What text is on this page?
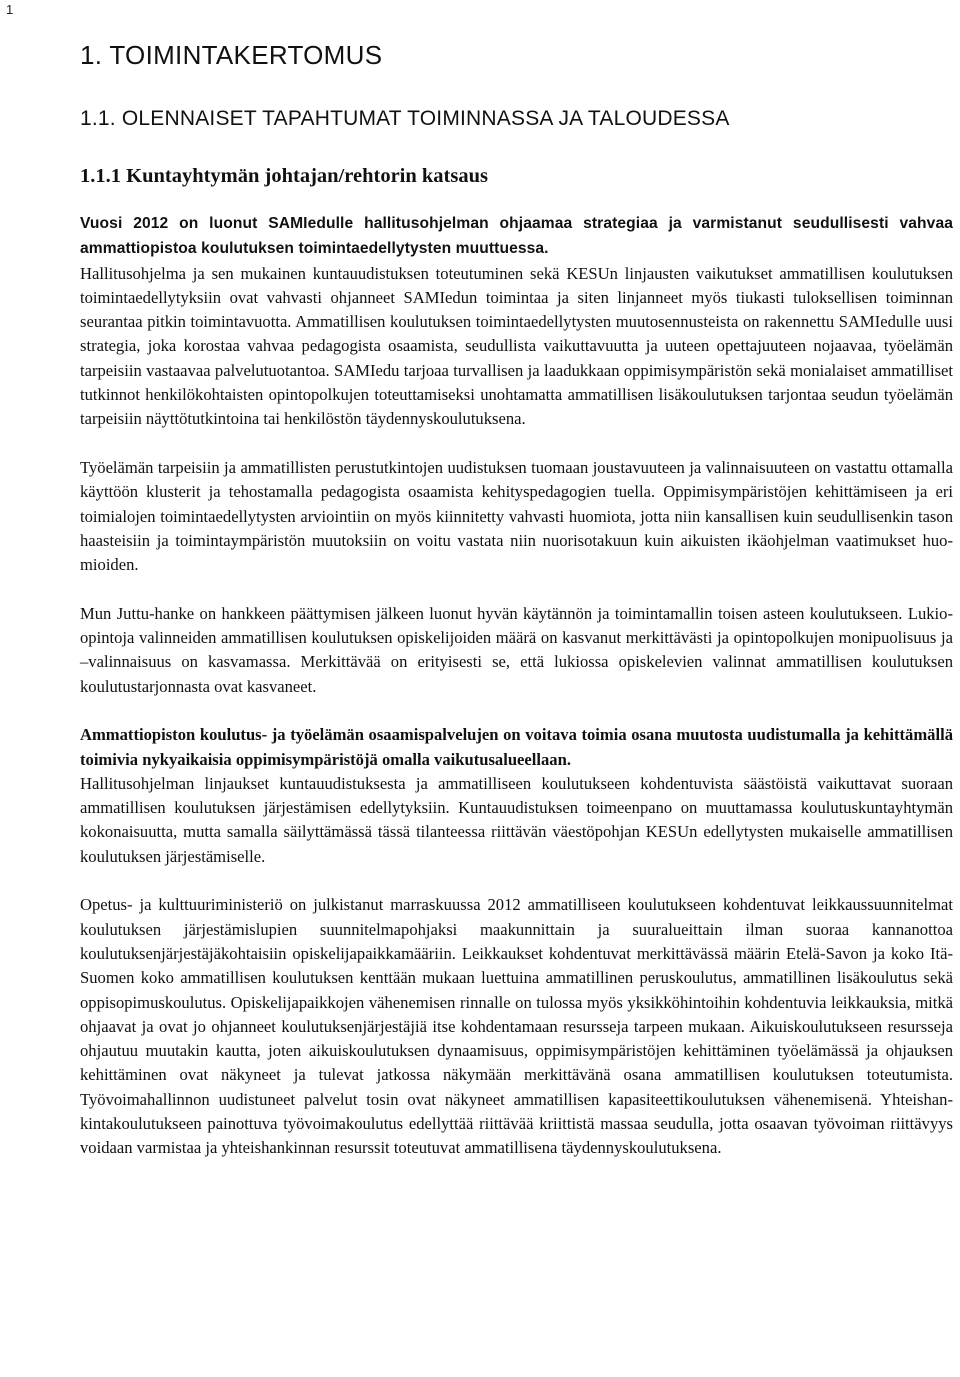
1
1. TOIMINTAKERTOMUS
1.1. OLENNAISET TAPAHTUMAT TOIMINNASSA JA TALOUDESSA
1.1.1 Kuntayhtymän johtajan/rehtorin katsaus

Vuosi 2012 on luonut SAMIedulle hallitusohjelman ohjaamaa strategiaa ja varmistanut seudullisesti vahvaa ammattiopistoa koulutuksen toimintaedellytysten muuttuessa.
Hallitusohjelma ja sen mukainen kuntauudistuksen toteutuminen sekä KESUn linjausten vaikutukset ammatillisen koulutuksen toimintaedellytyksiin ovat vahvasti ohjanneet SAMIedun toimintaa ja siten linjanneet myös tiukasti tuloksellisen toiminnan seurantaa pitkin toimintavuotta. Ammatillisen koulutuksen toimintaedellytysten muutosennusteista on rakennettu SAMIedulle uusi strategia, joka korostaa vahvaa pedagogista osaamista, seudullista vaikuttavuutta ja uuteen opettajuuteen nojaavaa, työelämän tarpeisiin vastaavaa palvelutuotantoa. SAMIedu tarjoaa turvallisen ja laadukkaan oppimisympäristön sekä monialaiset ammatilliset tutkinnot henkilökohtaisten opintopolkujen toteuttamiseksi unohtamatta ammatillisen lisäkoulutuksen tarjontaa seudun työelämän tarpeisiin näyttötutkintoina tai henkilöstön täydennyskoulutuksena.

Työelämän tarpeisiin ja ammatillisten perustutkintojen uudistuksen tuomaan joustavuuteen ja valinnaisuuteen on vastattu ottamalla käyttöön klusterit ja tehostamalla pedagogista osaamista kehityspedagogien tuella. Oppimisympäristöjen kehittämiseen ja eri toimialojen toimintaedellytysten arviointiin on myös kiinnitetty vahvasti huomiota, jotta niin kansallisen kuin seudullisenkin tason haasteisiin ja toimintaympäristön muutoksiin on voitu vastata niin nuorisotakuun kuin aikuisten ikäohjelman vaatimukset huomioiden.

Mun Juttu-hanke on hankkeen päättymisen jälkeen luonut hyvän käytännön ja toimintamallin toisen asteen koulutukseen. Lukio-opintoja valinneiden ammatillisen koulutuksen opiskelijoiden määrä on kasvanut merkittävästi ja opintopolkujen monipuolisuus ja –valinnaisuus on kasvamassa. Merkittävää on erityisesti se, että lukiossa opiskelevien valinnat ammatillisen koulutuksen koulutustarjonnasta ovat kasvaneet.

Ammattiopiston koulutus- ja työelämän osaamispalvelujen on voitava toimia osana muutosta uudistumalla ja kehittämällä toimivia nykyaikaisia oppimisympäristöjä omalla vaikutusalueellaan.
Hallitusohjelman linjaukset kuntauudistuksesta ja ammatilliseen koulutukseen kohdentuvista säästöistä vaikuttavat suoraan ammatillisen koulutuksen järjestämisen edellytyksiin. Kuntauudistuksen toimeenpano on muuttamassa koulutuskuntayhtymän kokonaisuutta, mutta samalla säilyttämässä tässä tilanteessa riittävän väestöpohjan KESUn edellytysten mukaiselle ammatillisen koulutuksen järjestämiselle.

Opetus- ja kulttuuriministeriö on julkistanut marraskuussa 2012 ammatilliseen koulutukseen kohdentuvat leikkaussuunnitelmat koulutuksen järjestämislupien suunnitelmapohjaksi maakunnittain ja suuralueittain ilman suoraa kannanottoa koulutuksenjärjestäjäkohtaisiin opiskelijapaikkamääriin. Leikkaukset kohdentuvat merkittävässä määrin Etelä-Savon ja koko Itä-Suomen koko ammatillisen koulutuksen kenttään mukaan luettuina ammatillinen peruskoulutus, ammatillinen lisäkoulutus sekä oppisopimuskoulutus. Opiskelijapaikkojen vähenemisen rinnalle on tulossa myös yksikköhintoihin kohdentuvia leikkauksia, mitkä ohjaavat ja ovat jo ohjanneet koulutuksenjärjestäjiä itse kohdentamaan resursseja tarpeen mukaan. Aikuiskoulutukseen resursseja ohjautuu muutakin kautta, joten aikuiskoulutuksen dynaamisuus, oppimisympäristöjen kehittäminen työelämässä ja ohjauksen kehittäminen ovat näkyneet ja tulevat jatkossa näkymään merkittävänä osana ammatillisen koulutuksen toteutumista. Työvoimahallinnon uudistuneet palvelut tosin ovat näkyneet ammatillisen kapasiteettikoulutuksen vähenemisenä. Yhteishankintakoulutukseen painottuva työvoimakoulutus edellyttää riittävää kriittistä massaa seudulla, jotta osaavan työvoiman riittävyys voidaan varmistaa ja yhteishankinnan resurssit toteutuvat ammatillisena täydennyskoulutuksena.
